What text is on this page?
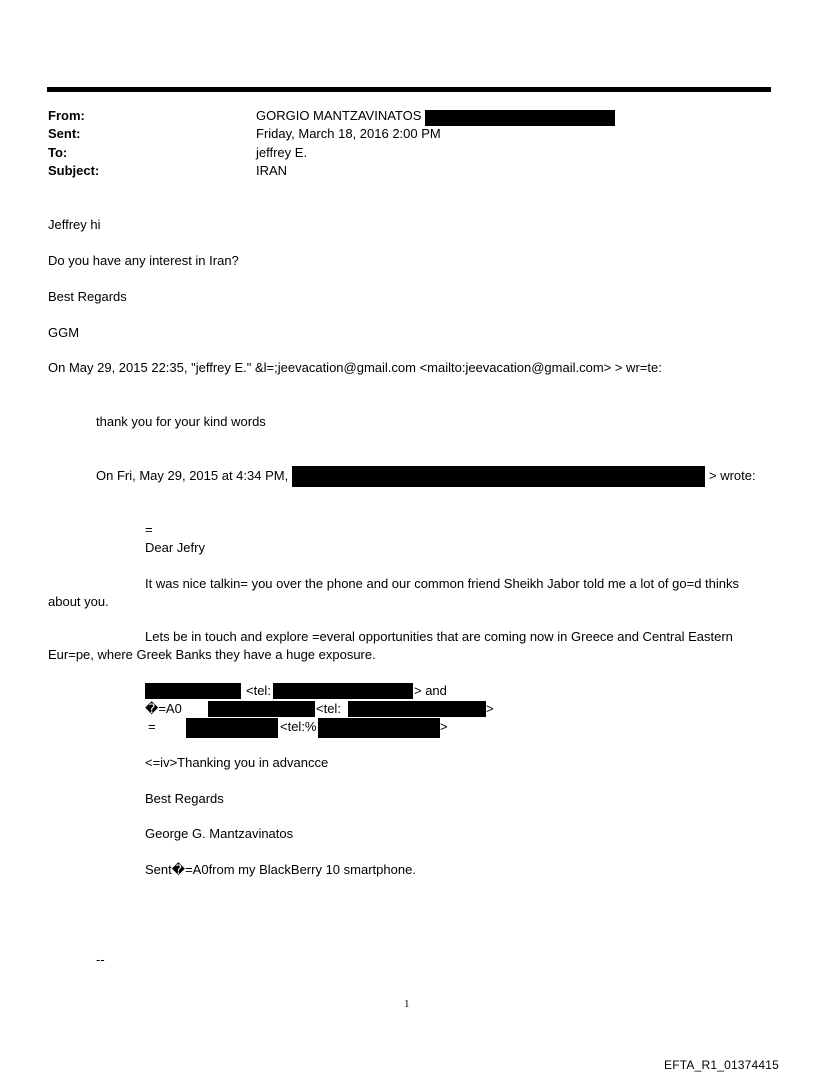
From:	GORGIO MANTZAVINATOS
Sent:	Friday, March 18, 2016 2:00 PM
To:	jeffrey E.
Subject:	IRAN
Jeffrey hi
Do you have any interest in Iran?
Best Regards
GGM
On May 29, 2015 22:35, "jeffrey E." &l=;jeevacation@gmail.com <mailto:jeevacation@gmail.com> > wr=te:
thank you for your kind words
On Fri, May 29, 2015 at 4:34 PM,	> wrote:
=
Dear Jefry
It was nice talkin= you over the phone and our common friend Sheikh Jabor told me a lot of go=d thinks
about you.
Lets be in touch and explore =everal opportunities that are coming now in Greece and Central Eastern
Eur=pe, where Greek Banks they have a huge exposure.
<tel:	> and
�=A0	<tel:	>
=	<tel:%	>
<=iv>Thanking you in advancce
Best Regards
George G. Mantzavinatos
Sent�=A0from my BlackBerry 10 smartphone.
--
1
EFTA_R1_01374415
